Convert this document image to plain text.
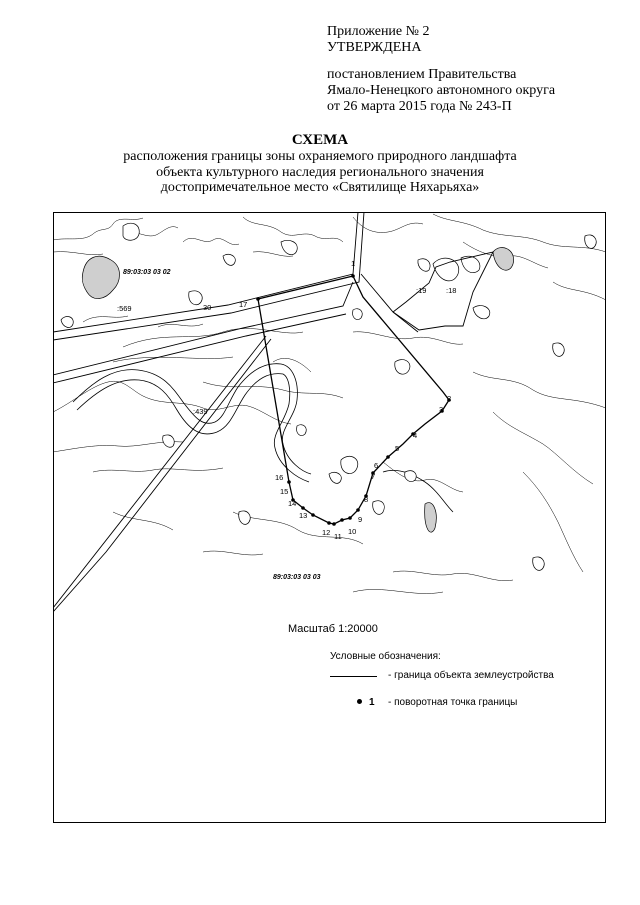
Приложение № 2
УТВЕРЖДЕНА
постановлением Правительства
Ямало-Ненецкого автономного округа
от 26 марта 2015 года № 243-П
СХЕМА
расположения границы зоны охраняемого природного ландшафта
объекта культурного наследия регионального значения
достопримечательное место «Святилище Няхарьяха»
89:03:03 03 02
89:03:03 03 03
:569	30
:439
:19	:18
1
2
3
4
5
6
7
8
9
10
11
12
13
14
15
16
17
Масштаб 1:20000
Условные обозначения:
- граница объекта землеустройства
1 - поворотная точка границы
